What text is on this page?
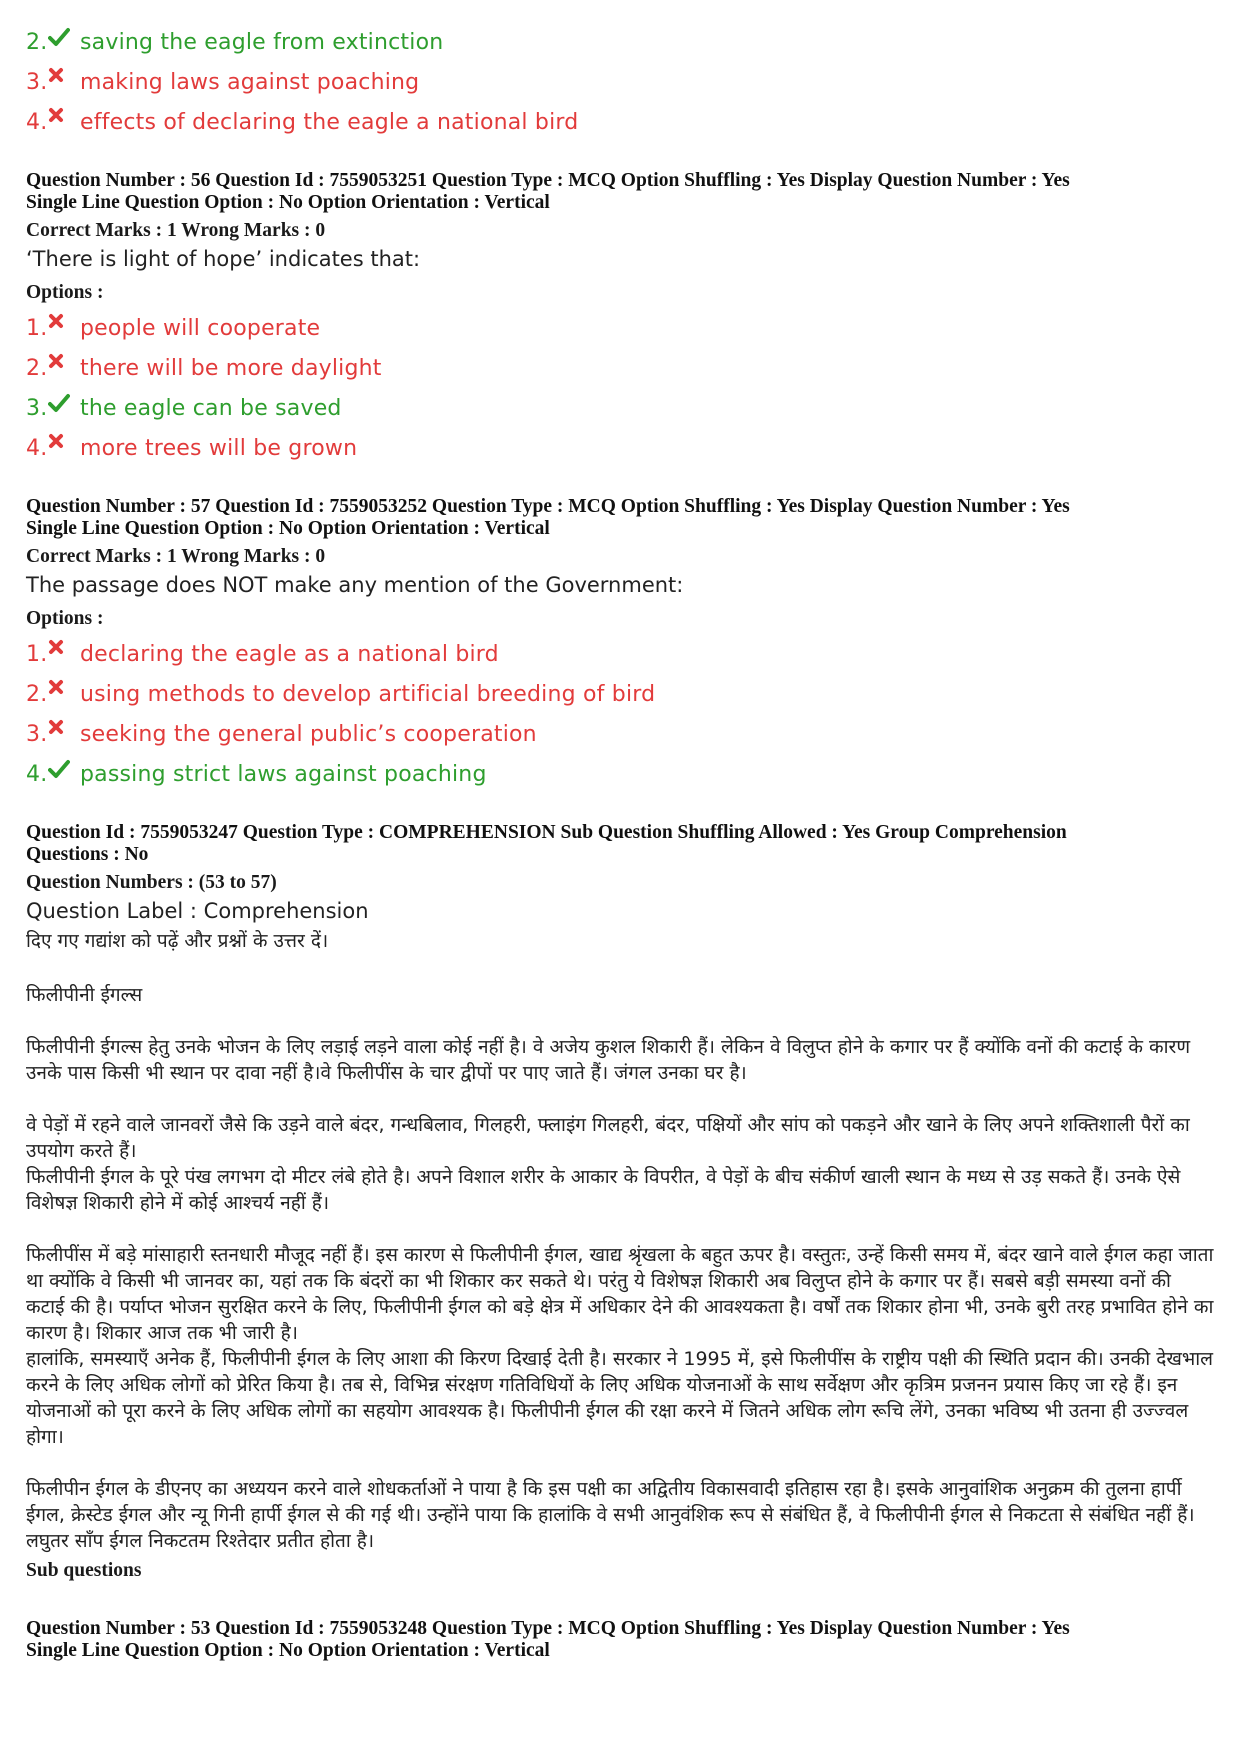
2. saving the eagle from extinction
3. making laws against poaching
4. effects of declaring the eagle a national bird
Question Number : 56 Question Id : 7559053251 Question Type : MCQ Option Shuffling : Yes Display Question Number : Yes
Single Line Question Option : No Option Orientation : Vertical
Correct Marks : 1 Wrong Marks : 0
‘There is light of hope’ indicates that:
Options :
1. people will cooperate
2. there will be more daylight
3. the eagle can be saved
4. more trees will be grown
Question Number : 57 Question Id : 7559053252 Question Type : MCQ Option Shuffling : Yes Display Question Number : Yes
Single Line Question Option : No Option Orientation : Vertical
Correct Marks : 1 Wrong Marks : 0
The passage does NOT make any mention of the Government:
Options :
1. declaring the eagle as a national bird
2. using methods to develop artificial breeding of bird
3. seeking the general public’s cooperation
4. passing strict laws against poaching
Question Id : 7559053247 Question Type : COMPREHENSION Sub Question Shuffling Allowed : Yes Group Comprehension
Questions : No
Question Numbers : (53 to 57)
Question Label : Comprehension

दिए गए गद्यांश को पढ़ें और प्रश्नों के उत्तर दें।

फिलीपीनी ईगल्स

फिलीपीनी ईगल्स हेतु उनके भोजन के लिए लड़ाई लड़ने वाला कोई नहीं है। वे अजेय कुशल शिकारी हैं। लेकिन वे विलुप्त होने के कगार पर हैं क्योंकि वनों की कटाई के कारण उनके पास किसी भी स्थान पर दावा नहीं है।वे फिलीपींस के चार द्वीपों पर पाए जाते हैं। जंगल उनका घर है।

वे पेड़ों में रहने वाले जानवरों जैसे कि उड़ने वाले बंदर, गन्धबिलाव, गिलहरी, फ्लाइंग गिलहरी, बंदर, पक्षियों और सांप को पकड़ने और खाने के लिए अपने शक्तिशाली पैरों का उपयोग करते हैं।

फिलीपीनी ईगल के पूरे पंख लगभग दो मीटर लंबे होते है। अपने विशाल शरीर के आकार के विपरीत, वे पेड़ों के बीच संकीर्ण खाली स्थान के मध्य से उड़ सकते हैं। उनके ऐसे विशेषज्ञ शिकारी होने में कोई आश्चर्य नहीं हैं।

फिलीपींस में बड़े मांसाहारी स्तनधारी मौजूद नहीं हैं। इस कारण से फिलीपीनी ईगल, खाद्य श्रृंखला के बहुत ऊपर है। वस्तुतः, उन्हें किसी समय में, बंदर खाने वाले ईगल कहा जाता था क्योंकि वे किसी भी जानवर का, यहां तक कि बंदरों का भी शिकार कर सकते थे। परंतु ये विशेषज्ञ शिकारी अब विलुप्त होने के कगार पर हैं। सबसे बड़ी समस्या वनों की कटाई की है। पर्याप्त भोजन सुरक्षित करने के लिए, फिलीपीनी ईगल को बड़े क्षेत्र में अधिकार देने की आवश्यकता है। वर्षों तक शिकार होना भी, उनके बुरी तरह प्रभावित होने का कारण है। शिकार आज तक भी जारी है।

हालांकि, समस्याएँ अनेक हैं, फिलीपीनी ईगल के लिए आशा की किरण दिखाई देती है। सरकार ने 1995 में, इसे फिलीपींस के राष्ट्रीय पक्षी की स्थिति प्रदान की। उनकी देखभाल करने के लिए अधिक लोगों को प्रेरित किया है। तब से, विभिन्न संरक्षण गतिविधियों के लिए अधिक योजनाओं के साथ सर्वेक्षण और कृत्रिम प्रजनन प्रयास किए जा रहे हैं। इन योजनाओं को पूरा करने के लिए अधिक लोगों का सहयोग आवश्यक है। फिलीपीनी ईगल की रक्षा करने में जितने अधिक लोग रूचि लेंगे, उनका भविष्य भी उतना ही उज्ज्वल होगा।

फिलीपीन ईगल के डीएनए का अध्ययन करने वाले शोधकर्ताओं ने पाया है कि इस पक्षी का अद्वितीय विकासवादी इतिहास रहा है। इसके आनुवांशिक अनुक्रम की तुलना हार्पी ईगल, क्रेस्टेड ईगल और न्यू गिनी हार्पी ईगल से की गई थी। उन्होंने पाया कि हालांकि वे सभी आनुवंशिक रूप से संबंधित हैं, वे फिलीपीनी ईगल से निकटता से संबंधित नहीं हैं। लघुतर साँप ईगल निकटतम रिश्तेदार प्रतीत होता है।

Sub questions
Question Number : 53 Question Id : 7559053248 Question Type : MCQ Option Shuffling : Yes Display Question Number : Yes
Single Line Question Option : No Option Orientation : Vertical
